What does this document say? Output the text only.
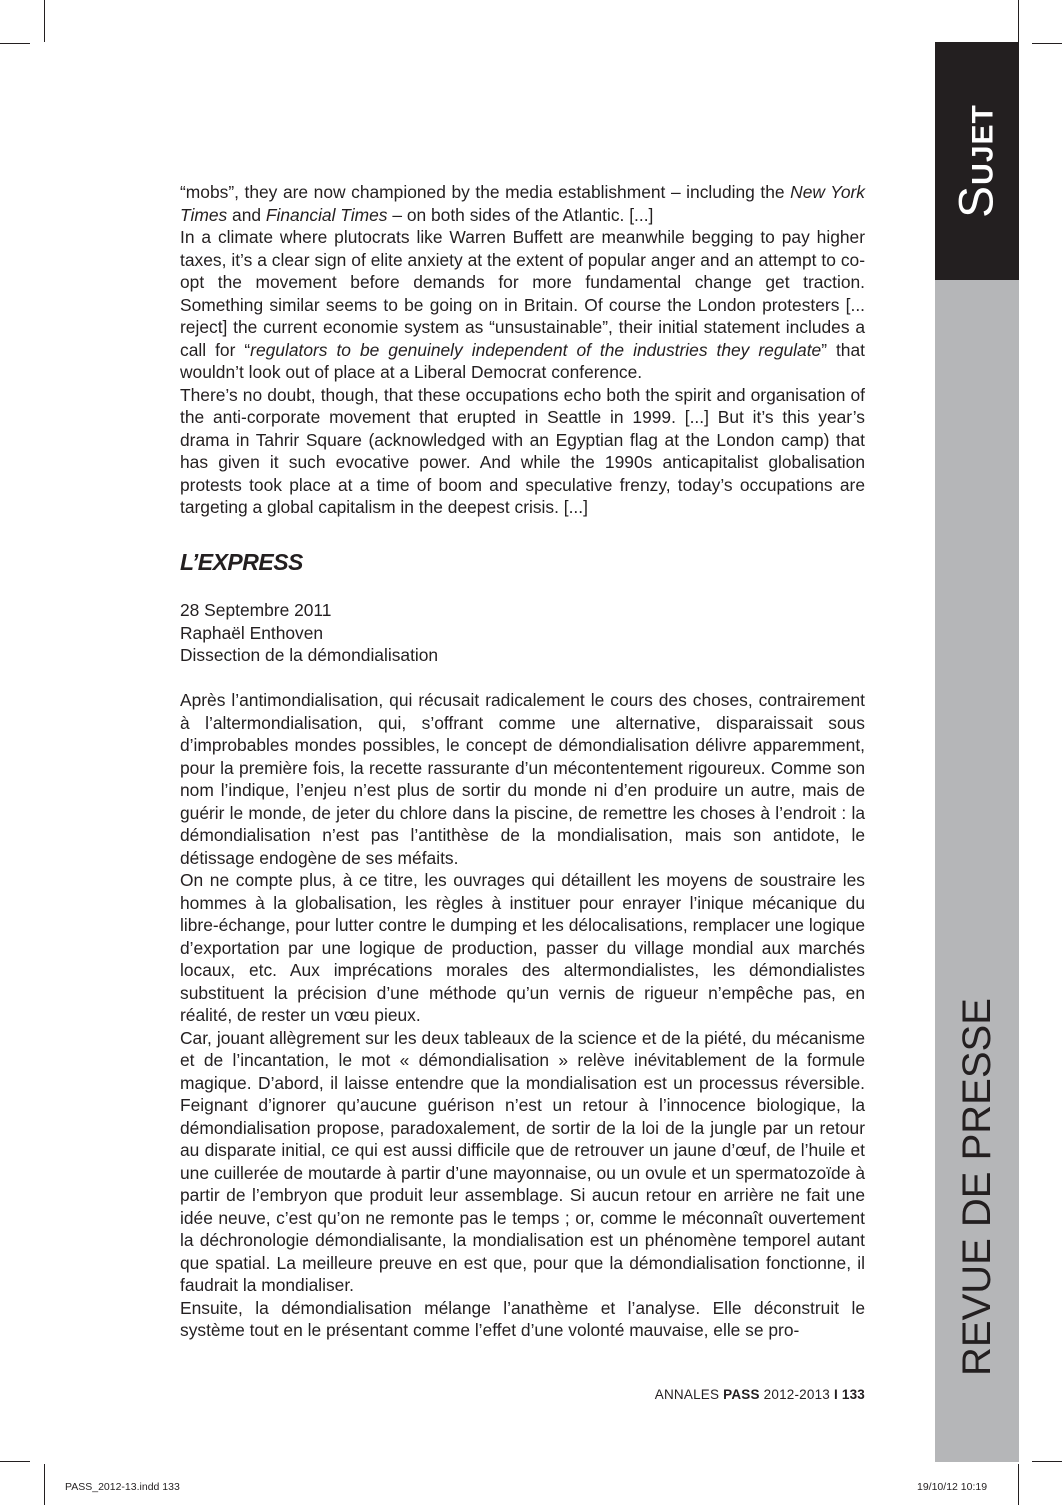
SUJET
REVUE DE PRESSE

“mobs”, they are now championed by the media establishment – including the New York Times and Financial Times – on both sides of the Atlantic. [...]

In a climate where plutocrats like Warren Buffett are meanwhile begging to pay higher taxes, it’s a clear sign of elite anxiety at the extent of popular anger and an attempt to co-opt the movement before demands for more fundamental change get traction. Something similar seems to be going on in Britain. Of course the London protesters [... reject] the current economie system as “unsustainable”, their initial statement includes a call for “regulators to be genuinely independent of the industries they regulate” that wouldn’t look out of place at a Liberal Democrat conference.

There’s no doubt, though, that these occupations echo both the spirit and organisation of the anti-corporate movement that erupted in Seattle in 1999. [...] But it’s this year’s drama in Tahrir Square (acknowledged with an Egyptian flag at the London camp) that has given it such evocative power. And while the 1990s anticapitalist globalisation protests took place at a time of boom and speculative frenzy, today’s occupations are targeting a global capitalism in the deepest crisis. [...]

L’EXPRESS
28 Septembre 2011
Raphaël Enthoven
Dissection de la démondialisation

Après l’antimondialisation, qui récusait radicalement le cours des choses, contrairement à l’altermondialisation, qui, s’offrant comme une alternative, disparaissait sous d’improbables mondes possibles, le concept de démondialisation délivre apparemment, pour la première fois, la recette rassurante d’un mécontentement rigoureux. Comme son nom l’indique, l’enjeu n’est plus de sortir du monde ni d’en produire un autre, mais de guérir le monde, de jeter du chlore dans la piscine, de remettre les choses à l’endroit : la démondialisation n’est pas l’antithèse de la mondialisation, mais son antidote, le détissage endogène de ses méfaits.

On ne compte plus, à ce titre, les ouvrages qui détaillent les moyens de soustraire les hommes à la globalisation, les règles à instituer pour enrayer l’inique mécanique du libre-échange, pour lutter contre le dumping et les délocalisations, remplacer une logique d’exportation par une logique de production, passer du village mondial aux marchés locaux, etc. Aux imprécations morales des altermondialistes, les démondialistes substituent la précision d’une méthode qu’un vernis de rigueur n’empêche pas, en réalité, de rester un vœu pieux.

Car, jouant allègrement sur les deux tableaux de la science et de la piété, du mécanisme et de l’incantation, le mot « démondialisation » relève inévitablement de la formule magique. D’abord, il laisse entendre que la mondialisation est un processus réversible. Feignant d’ignorer qu’aucune guérison n’est un retour à l’innocence biologique, la démondialisation propose, paradoxalement, de sortir de la loi de la jungle par un retour au disparate initial, ce qui est aussi difficile que de retrouver un jaune d’œuf, de l’huile et une cuillerée de moutarde à partir d’une mayonnaise, ou un ovule et un spermatozoïde à partir de l’embryon que produit leur assemblage. Si aucun retour en arrière ne fait une idée neuve, c’est qu’on ne remonte pas le temps ; or, comme le méconnaît ouvertement la déchronologie démondialisante, la mondialisation est un phénomène temporel autant que spatial. La meilleure preuve en est que, pour que la démondialisation fonctionne, il faudrait la mondialiser.

Ensuite, la démondialisation mélange l’anathème et l’analyse. Elle déconstruit le système tout en le présentant comme l’effet d’une volonté mauvaise, elle se pro-

ANNALES PASS 2012-2013 I 133
PASS_2012-13.indd 133	19/10/12 10:19
